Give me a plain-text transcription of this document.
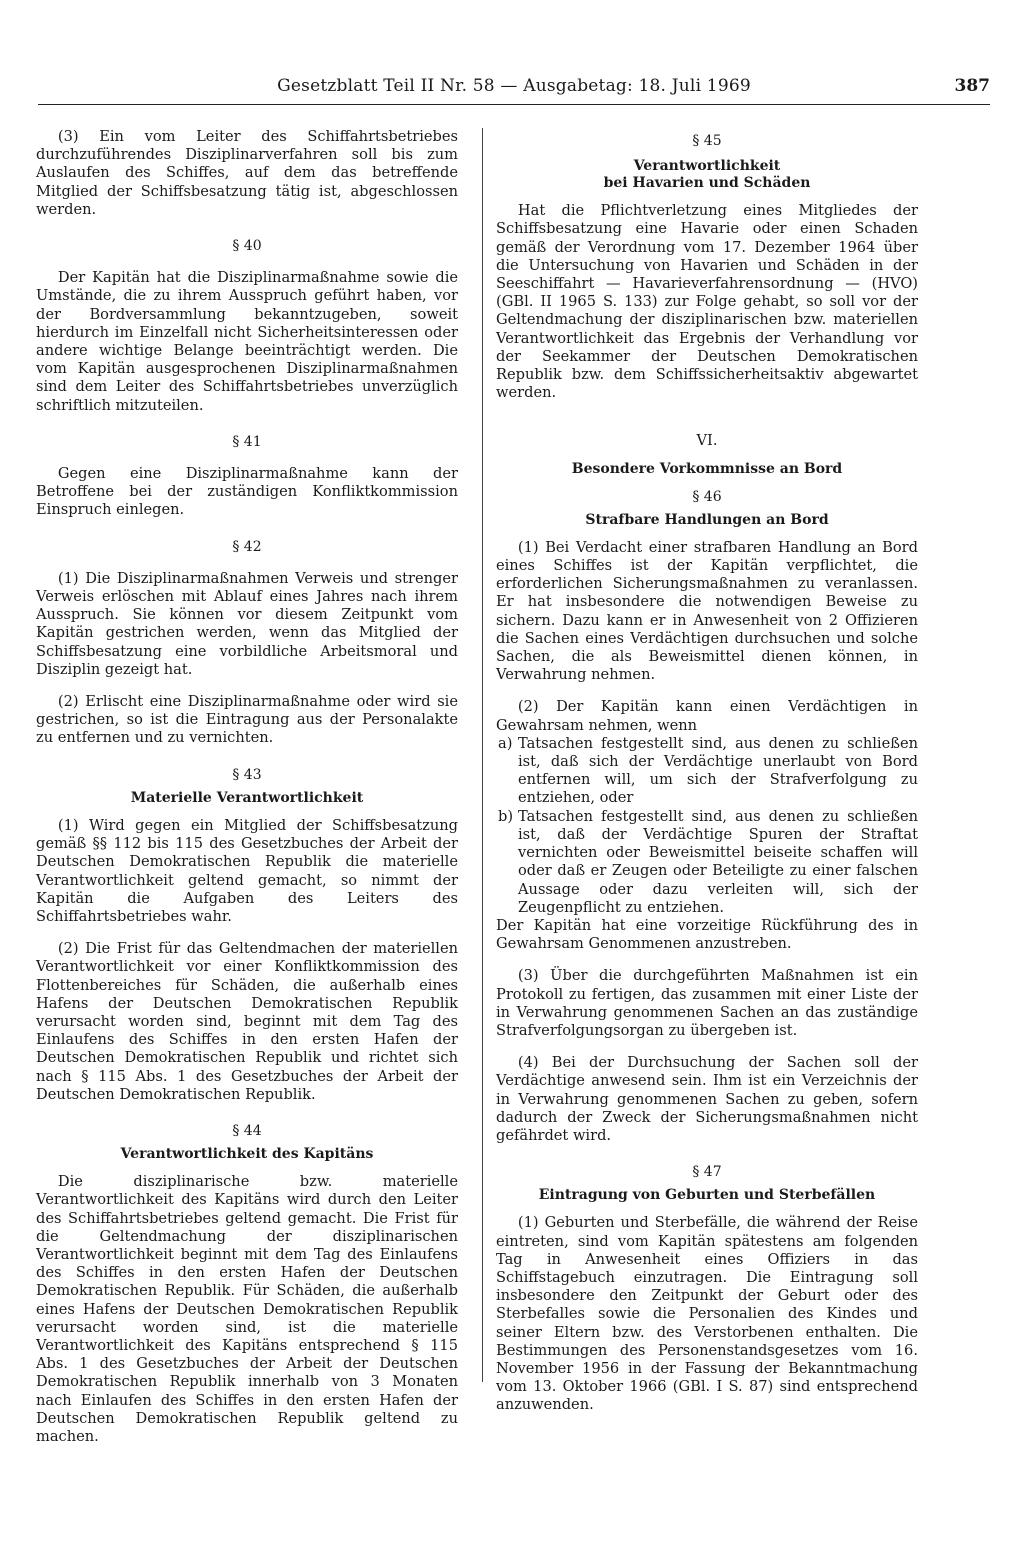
Gesetzblatt Teil II Nr. 58 — Ausgabetag: 18. Juli 1969	387

(3) Ein vom Leiter des Schiffahrtsbetriebes durchzuführendes Disziplinarverfahren soll bis zum Auslaufen des Schiffes, auf dem das betreffende Mitglied der Schiffsbesatzung tätig ist, abgeschlossen werden.

§ 40

Der Kapitän hat die Disziplinarmaßnahme sowie die Umstände, die zu ihrem Ausspruch geführt haben, vor der Bordversammlung bekanntzugeben, soweit hierdurch im Einzelfall nicht Sicherheitsinteressen oder andere wichtige Belange beeinträchtigt werden. Die vom Kapitän ausgesprochenen Disziplinarmaßnahmen sind dem Leiter des Schiffahrtsbetriebes unverzüglich schriftlich mitzuteilen.

§ 41

Gegen eine Disziplinarmaßnahme kann der Betroffene bei der zuständigen Konfliktkommission Einspruch einlegen.

§ 42

(1) Die Disziplinarmaßnahmen Verweis und strenger Verweis erlöschen mit Ablauf eines Jahres nach ihrem Ausspruch. Sie können vor diesem Zeitpunkt vom Kapitän gestrichen werden, wenn das Mitglied der Schiffsbesatzung eine vorbildliche Arbeitsmoral und Disziplin gezeigt hat.

(2) Erlischt eine Disziplinarmaßnahme oder wird sie gestrichen, so ist die Eintragung aus der Personalakte zu entfernen und zu vernichten.

§ 43
Materielle Verantwortlichkeit

(1) Wird gegen ein Mitglied der Schiffsbesatzung gemäß §§ 112 bis 115 des Gesetzbuches der Arbeit der Deutschen Demokratischen Republik die materielle Verantwortlichkeit geltend gemacht, so nimmt der Kapitän die Aufgaben des Leiters des Schiffahrtsbetriebes wahr.

(2) Die Frist für das Geltendmachen der materiellen Verantwortlichkeit vor einer Konfliktkommission des Flottenbereiches für Schäden, die außerhalb eines Hafens der Deutschen Demokratischen Republik verursacht worden sind, beginnt mit dem Tag des Einlaufens des Schiffes in den ersten Hafen der Deutschen Demokratischen Republik und richtet sich nach § 115 Abs. 1 des Gesetzbuches der Arbeit der Deutschen Demokratischen Republik.

§ 44
Verantwortlichkeit des Kapitäns

Die disziplinarische bzw. materielle Verantwortlichkeit des Kapitäns wird durch den Leiter des Schiffahrtsbetriebes geltend gemacht. Die Frist für die Geltendmachung der disziplinarischen Verantwortlichkeit beginnt mit dem Tag des Einlaufens des Schiffes in den ersten Hafen der Deutschen Demokratischen Republik. Für Schäden, die außerhalb eines Hafens der Deutschen Demokratischen Republik verursacht worden sind, ist die materielle Verantwortlichkeit des Kapitäns entsprechend § 115 Abs. 1 des Gesetzbuches der Arbeit der Deutschen Demokratischen Republik innerhalb von 3 Monaten nach Einlaufen des Schiffes in den ersten Hafen der Deutschen Demokratischen Republik geltend zu machen.

§ 45
Verantwortlichkeit
bei Havarien und Schäden

Hat die Pflichtverletzung eines Mitgliedes der Schiffsbesatzung eine Havarie oder einen Schaden gemäß der Verordnung vom 17. Dezember 1964 über die Untersuchung von Havarien und Schäden in der Seeschiffahrt — Havarieverfahrensordnung — (HVO) (GBl. II 1965 S. 133) zur Folge gehabt, so soll vor der Geltendmachung der disziplinarischen bzw. materiellen Verantwortlichkeit das Ergebnis der Verhandlung vor der Seekammer der Deutschen Demokratischen Republik bzw. dem Schiffssicherheitsaktiv abgewartet werden.

VI.
Besondere Vorkommnisse an Bord
§ 46
Strafbare Handlungen an Bord

(1) Bei Verdacht einer strafbaren Handlung an Bord eines Schiffes ist der Kapitän verpflichtet, die erforderlichen Sicherungsmaßnahmen zu veranlassen. Er hat insbesondere die notwendigen Beweise zu sichern. Dazu kann er in Anwesenheit von 2 Offizieren die Sachen eines Verdächtigen durchsuchen und solche Sachen, die als Beweismittel dienen können, in Verwahrung nehmen.

(2) Der Kapitän kann einen Verdächtigen in Gewahrsam nehmen, wenn

a) Tatsachen festgestellt sind, aus denen zu schließen ist, daß sich der Verdächtige unerlaubt von Bord entfernen will, um sich der Strafverfolgung zu entziehen, oder
b) Tatsachen festgestellt sind, aus denen zu schließen ist, daß der Verdächtige Spuren der Straftat vernichten oder Beweismittel beiseite schaffen will oder daß er Zeugen oder Beteiligte zu einer falschen Aussage oder dazu verleiten will, sich der Zeugenpflicht zu entziehen.

Der Kapitän hat eine vorzeitige Rückführung des in Gewahrsam Genommenen anzustreben.

(3) Über die durchgeführten Maßnahmen ist ein Protokoll zu fertigen, das zusammen mit einer Liste der in Verwahrung genommenen Sachen an das zuständige Strafverfolgungsorgan zu übergeben ist.

(4) Bei der Durchsuchung der Sachen soll der Verdächtige anwesend sein. Ihm ist ein Verzeichnis der in Verwahrung genommenen Sachen zu geben, sofern dadurch der Zweck der Sicherungsmaßnahmen nicht gefährdet wird.

§ 47
Eintragung von Geburten und Sterbefällen

(1) Geburten und Sterbefälle, die während der Reise eintreten, sind vom Kapitän spätestens am folgenden Tag in Anwesenheit eines Offiziers in das Schiffstagebuch einzutragen. Die Eintragung soll insbesondere den Zeitpunkt der Geburt oder des Sterbefalles sowie die Personalien des Kindes und seiner Eltern bzw. des Verstorbenen enthalten. Die Bestimmungen des Personenstandsgesetzes vom 16. November 1956 in der Fassung der Bekanntmachung vom 13. Oktober 1966 (GBl. I S. 87) sind entsprechend anzuwenden.
